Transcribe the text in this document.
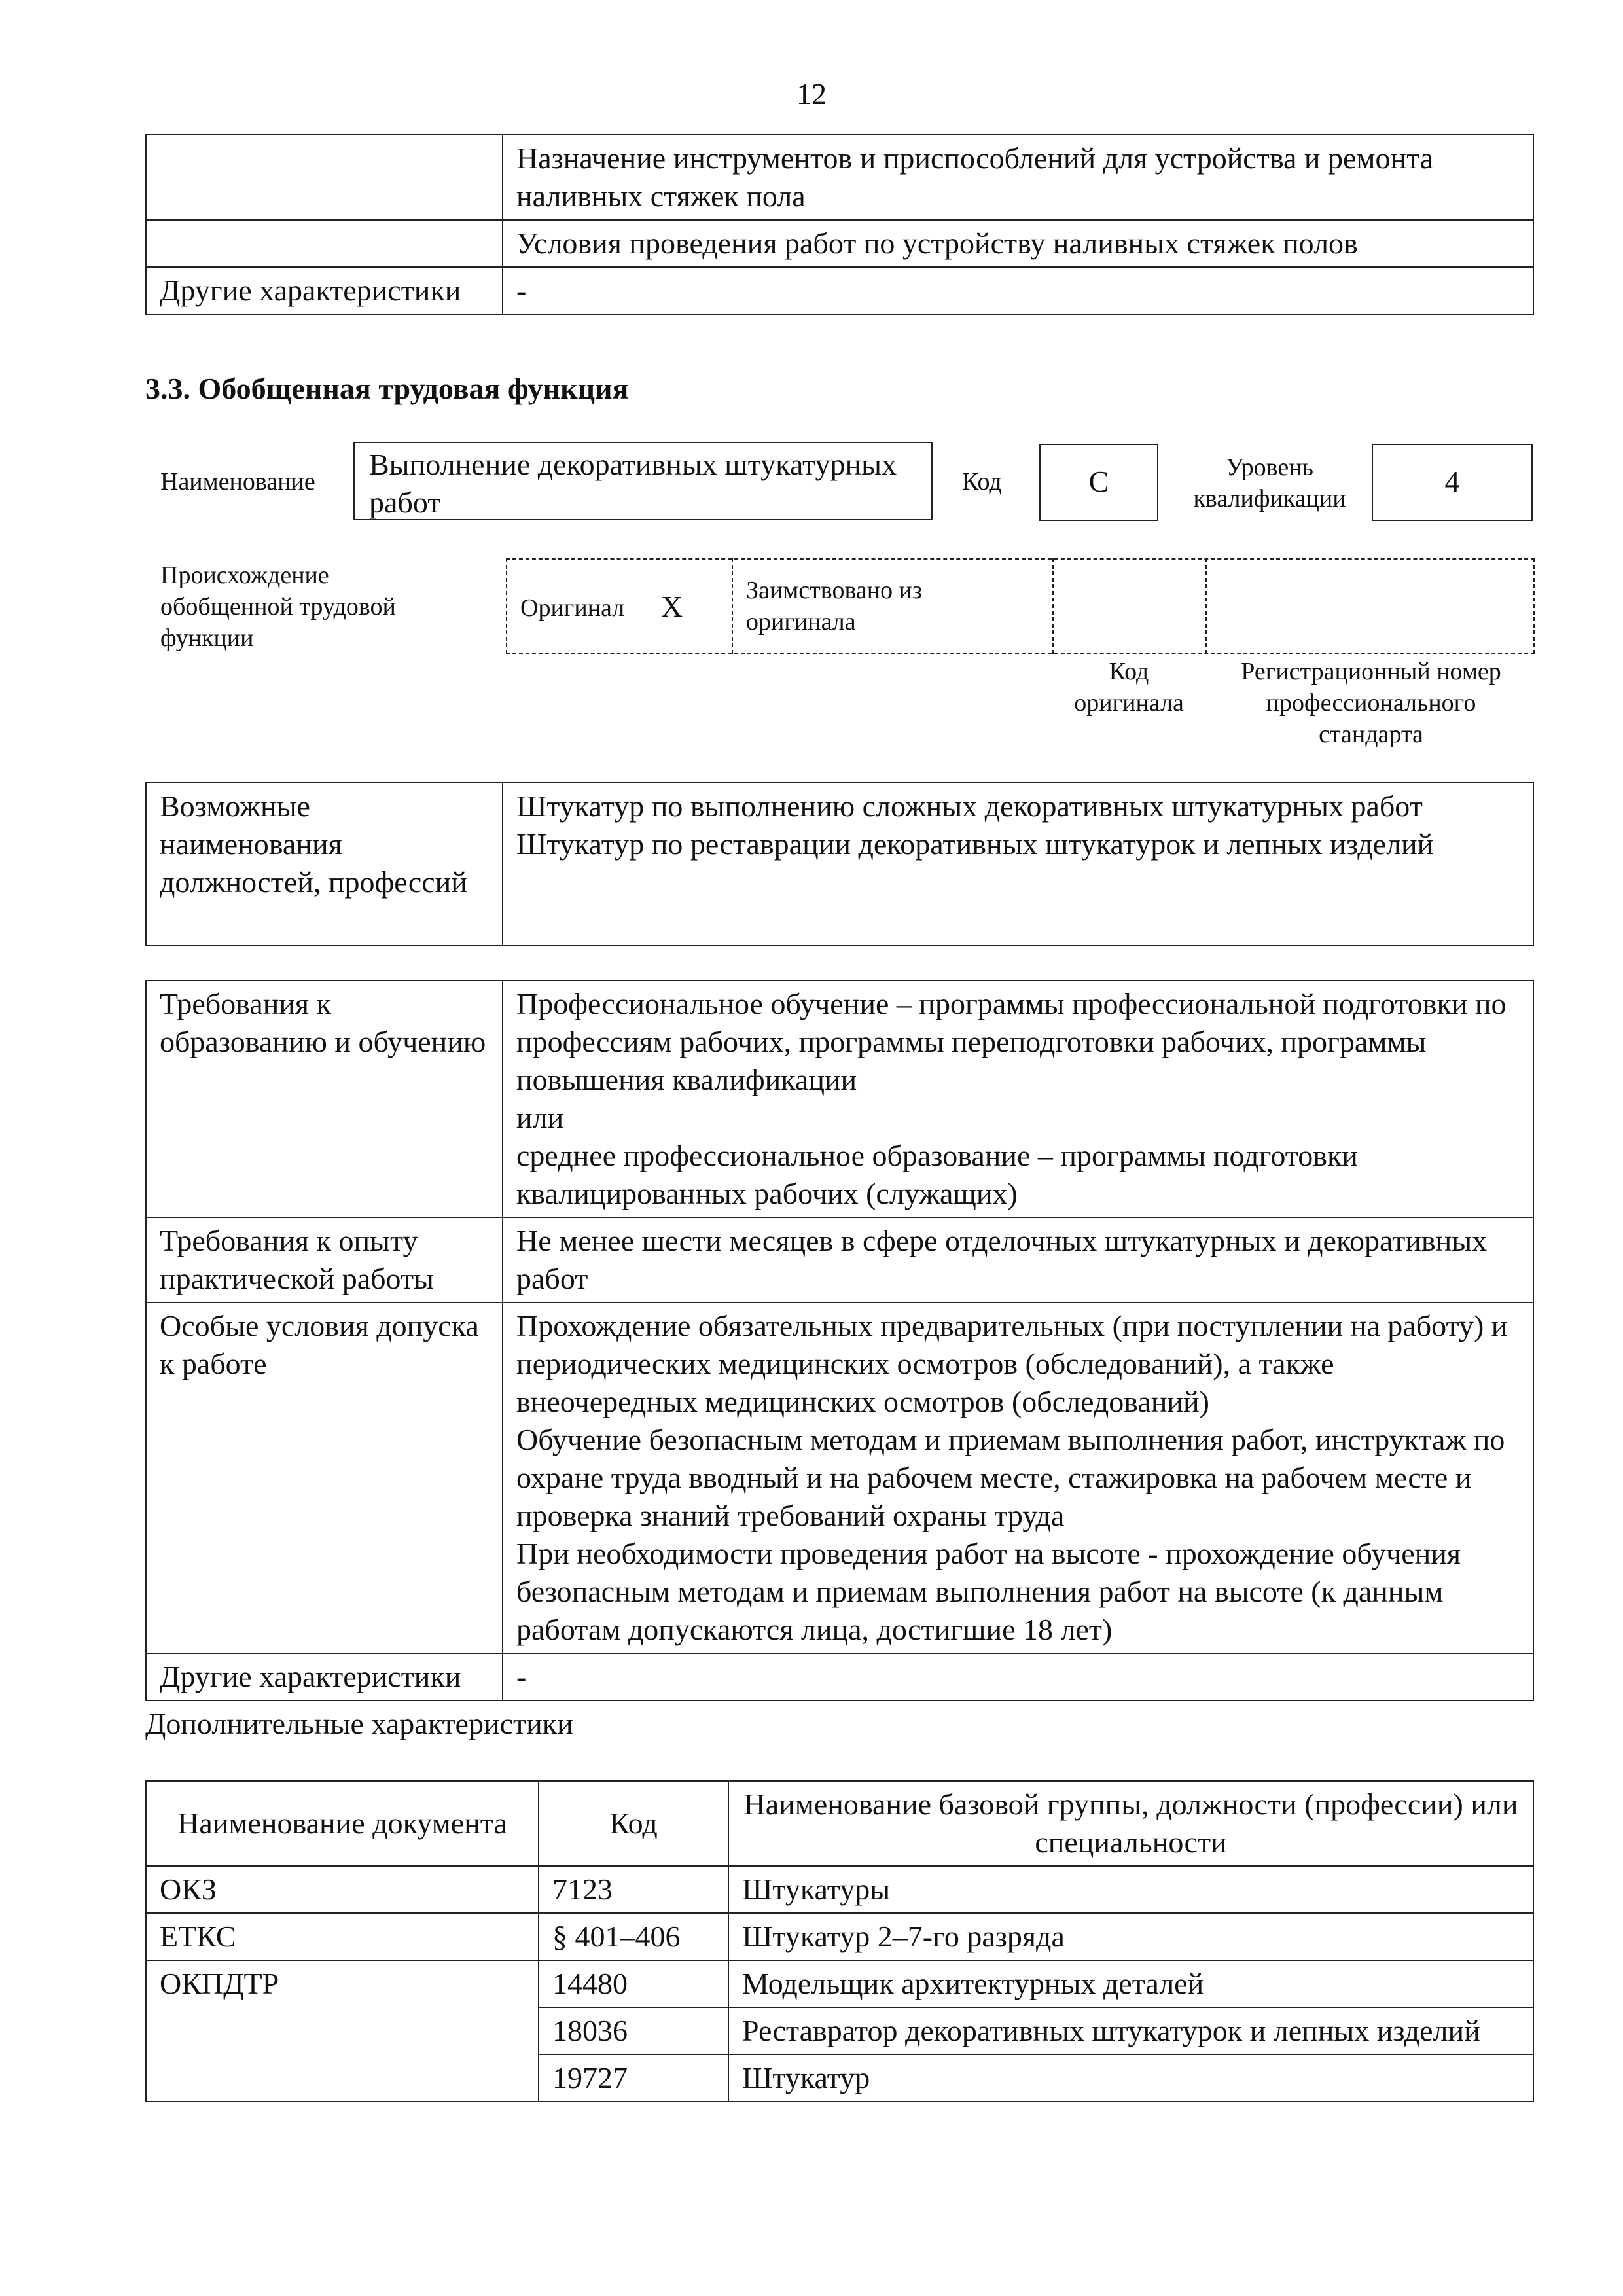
12
	Назначение инструментов и приспособлений для устройства и ремонта наливных стяжек пола
	Условия проведения работ по устройству наливных стяжек полов
Другие характеристики	-
3.3. Обобщенная трудовая функция
Наименование
Выполнение декоративных штукатурных работ
Код	C	Уровень квалификации
4
Происхождение обобщенной трудовой функции
Оригинал X	Заимствовано из оригинала
Код оригинала
Регистрационный номер профессионального стандарта
Возможные наименования должностей, профессий	Штукатур по выполнению сложных декоративных штукатурных работ
Штукатур по реставрации декоративных штукатурок и лепных изделий
Требования к образованию и обучению	Профессиональное обучение – программы профессиональной подготовки по профессиям рабочих, программы переподготовки рабочих, программы повышения квалификации
или
среднее профессиональное образование – программы подготовки квалицированных рабочих (служащих)
Требования к опыту практической работы	Не менее шести месяцев в сфере отделочных штукатурных и декоративных работ
Особые условия допуска к работе	Прохождение обязательных предварительных (при поступлении на работу) и периодических медицинских осмотров (обследований), а также внеочередных медицинских осмотров (обследований)
Обучение безопасным методам и приемам выполнения работ, инструктаж по охране труда вводный и на рабочем месте, стажировка на рабочем месте и проверка знаний требований охраны труда
При необходимости проведения работ на высоте - прохождение обучения безопасным методам и приемам выполнения работ на высоте (к данным работам допускаются лица, достигшие 18 лет)
Другие характеристики	-
Дополнительные характеристики
Наименование документа	Код	Наименование базовой группы, должности (профессии) или специальности
ОКЗ	7123	Штукатуры
ЕТКС	§ 401–406	Штукатур 2–7-го разряда
ОКПДТР	14480	Модельщик архитектурных деталей
	18036	Реставратор декоративных штукатурок и лепных изделий
	19727	Штукатур
